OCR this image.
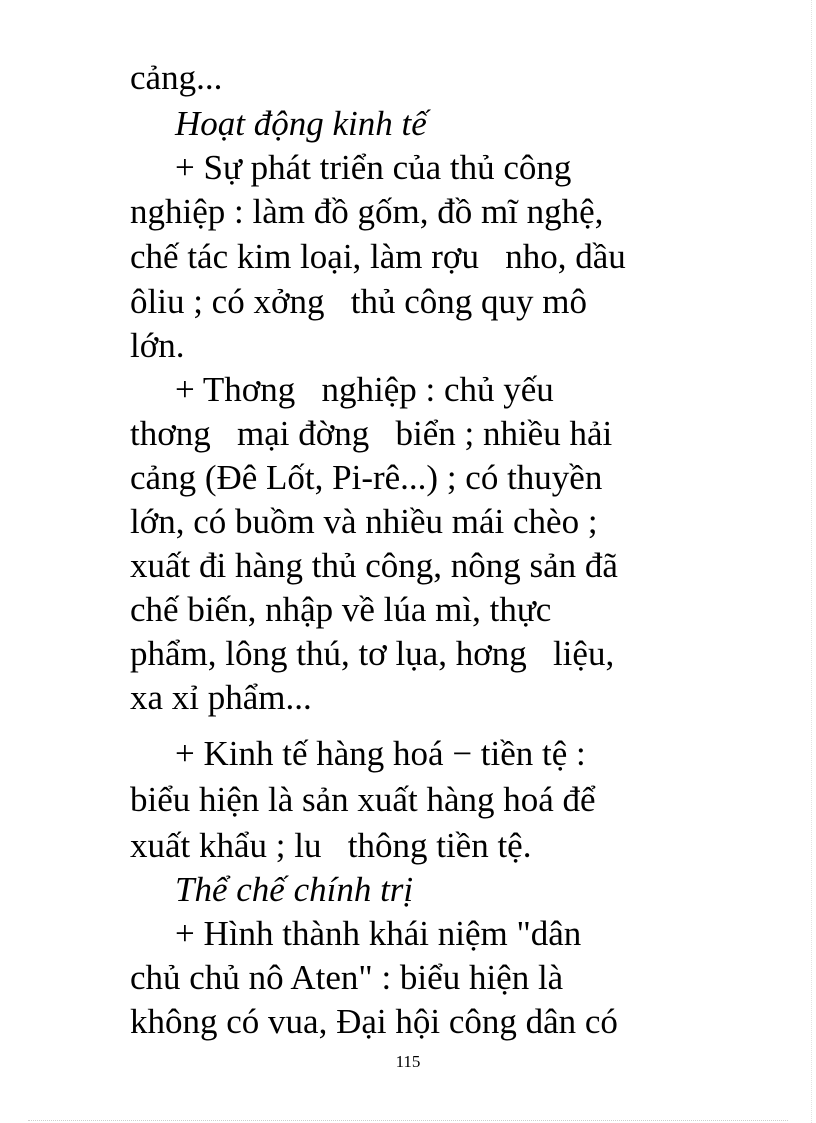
cảng...
Hoạt động kinh tế
+ Sự phát triển của thủ công
nghiệp : làm đồ gốm, đồ mĩ nghệ,
chế tác kim loại, làm rợu   nho, dầu
ôliu ; có xởng   thủ công quy mô
lớn.
+ Thơng   nghiệp : chủ yếu
thơng   mại đờng   biển ; nhiều hải
cảng (Đê Lốt, Pi-rê...) ; có thuyền
lớn, có buồm và nhiều mái chèo ;
xuất đi hàng thủ công, nông sản đã
chế biến, nhập về lúa mì, thực
phẩm, lông thú, tơ lụa, hơng   liệu,
xa xỉ phẩm...
+ Kinh tế hàng hoá − tiền tệ :
biểu hiện là sản xuất hàng hoá để
xuất khẩu ; lu   thông tiền tệ.
Thể chế chính trị
+ Hình thành khái niệm "dân
chủ chủ nô Aten" : biểu hiện là
không có vua, Đại hội công dân có
115
